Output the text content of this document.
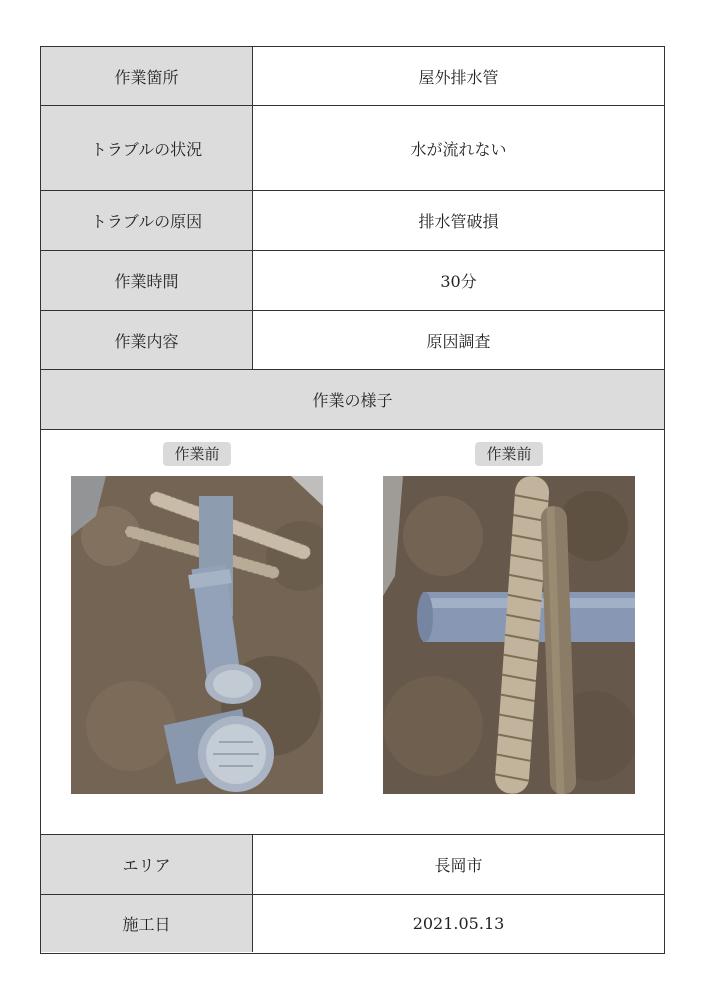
作業箇所	屋外排水管
トラブルの状況	水が流れない
トラブルの原因	排水管破損
作業時間	30分
作業内容	原因調査
作業の様子
作業前	作業前
エリア	長岡市
施工日	2021.05.13
